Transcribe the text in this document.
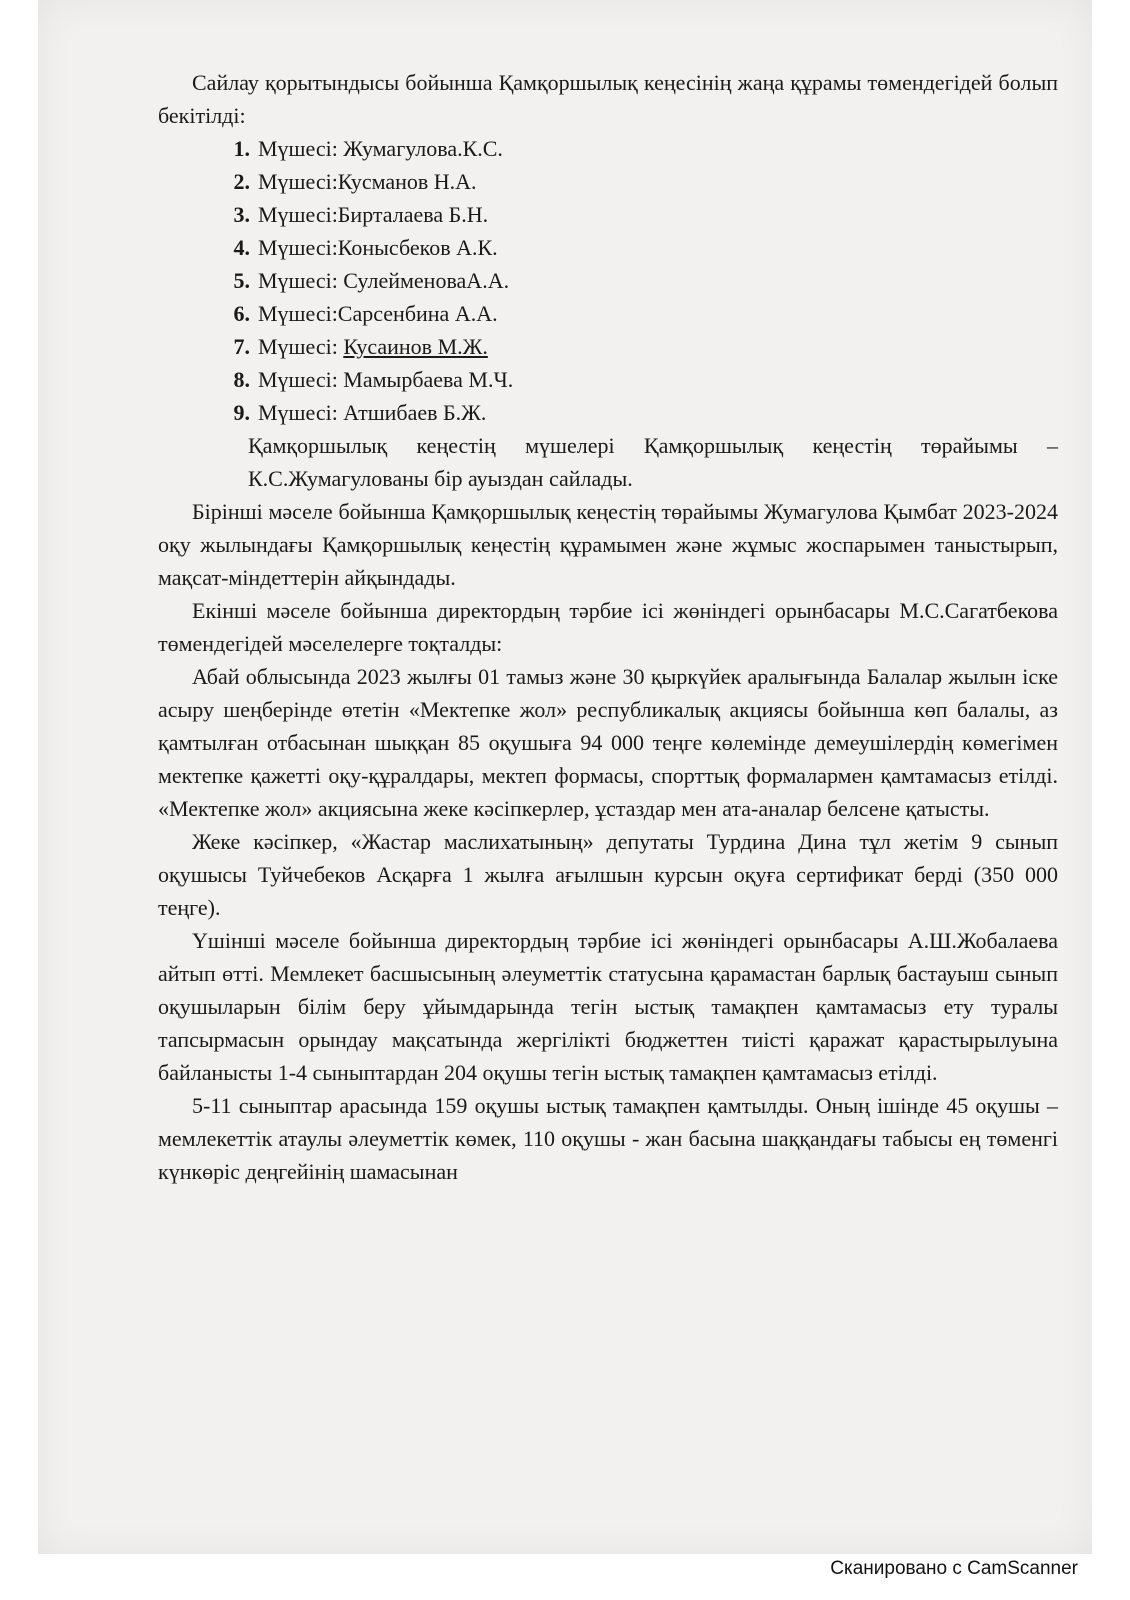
Сайлау қорытындысы бойынша Қамқоршылық кеңесінің жаңа құрамы төмендегідей болып бекітілді:

1. Мүшесі: Жумагулова.К.С.
2. Мүшесі:Кусманов Н.А.
3. Мүшесі:Бирталаева Б.Н.
4. Мүшесі:Конысбеков А.К.
5. Мүшесі: СулейменоваА.А.
6. Мүшесі:Сарсенбина А.А.
7. Мүшесі: Кусаинов М.Ж.
8. Мүшесі: Мамырбаева М.Ч.
9. Мүшесі: Атшибаев Б.Ж.

Қамқоршылық кеңестің мүшелері Қамқоршылық кеңестің төрайымы – К.С.Жумагулованы бір ауыздан сайлады.

Бірінші мәселе бойынша Қамқоршылық кеңестің төрайымы Жумагулова Қымбат 2023-2024 оқу жылындағы Қамқоршылық кеңестің құрамымен және жұмыс жоспарымен таныстырып, мақсат-міндеттерін айқындады.

Екінші мәселе бойынша директордың тәрбие ісі жөніндегі орынбасары М.С.Сагатбекова төмендегідей мәселелерге тоқталды:

Абай облысында 2023 жылғы 01 тамыз және 30 қыркүйек аралығында Балалар жылын іске асыру шеңберінде өтетін «Мектепке жол» республикалық акциясы бойынша көп балалы, аз қамтылған отбасынан шыққан 85 оқушыға 94 000 теңге көлемінде демеушілердің көмегімен мектепке қажетті оқу-құралдары, мектеп формасы, спорттық формалармен қамтамасыз етілді. «Мектепке жол» акциясына жеке кәсіпкерлер, ұстаздар мен ата-аналар белсене қатысты.

Жеке кәсіпкер, «Жастар маслихатының» депутаты Турдина Дина тұл жетім 9 сынып оқушысы Туйчебеков Асқарға 1 жылға ағылшын курсын оқуға сертификат берді (350 000 теңге).

Үшінші мәселе бойынша директордың тәрбие ісі жөніндегі орынбасары А.Ш.Жобалаева айтып өтті. Мемлекет басшысының әлеуметтік статусына қарамастан барлық бастауыш сынып оқушыларын білім беру ұйымдарында тегін ыстық тамақпен қамтамасыз ету туралы тапсырмасын орындау мақсатында жергілікті бюджеттен тиісті қаражат қарастырылуына байланысты 1-4 сыныптардан 204 оқушы тегін ыстық тамақпен қамтамасыз етілді.

5-11 сыныптар арасында 159 оқушы ыстық тамақпен қамтылды. Оның ішінде 45 оқушы – мемлекеттік атаулы әлеуметтік көмек, 110 оқушы - жан басына шаққандағы табысы ең төменгі күнкөріс деңгейінің шамасынан

Сканировано с CamScanner
